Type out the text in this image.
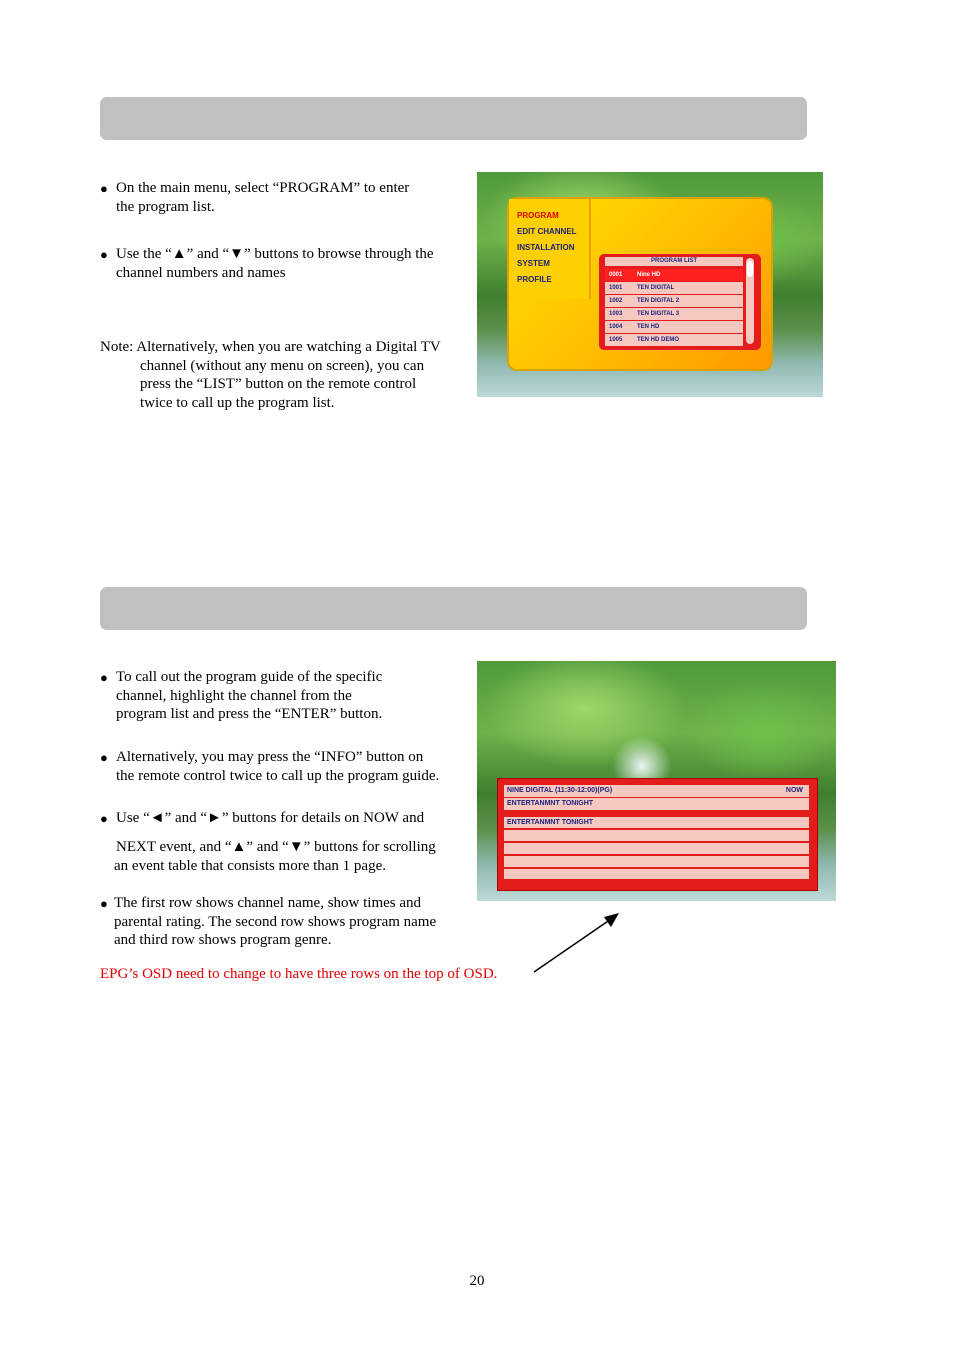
● On the main menu, select “PROGRAM” to enter
the program list.
● Use the “▲” and “▼” buttons to browse through the
channel numbers and names
Note: Alternatively, when you are watching a Digital TV
channel (without any menu on screen), you can
press the “LIST” button on the remote control
twice to call up the program list.
PROGRAM
EDIT CHANNEL
INSTALLATION
SYSTEM
PROFILE
PROGRAM LIST
0001	Nine HD
1001	TEN DIGITAL
1002	TEN DIGITAL 2
1003	TEN DIGITAL 3
1004	TEN HD
1005	TEN HD DEMO
● To call out the program guide of the specific
channel, highlight the channel from the
program list and press the “ENTER” button.
● Alternatively, you may press the “INFO” button on
the remote control twice to call up the program guide.
● Use “◄” and “►” buttons for details on NOW and
NEXT event, and “▲” and “▼” buttons for scrolling
an event table that consists more than 1 page.
● The first row shows channel name, show times and
parental rating. The second row shows program name
and third row shows program genre.
EPG’s OSD need to change to have three rows on the top of OSD.
NINE DIGITAL (11:30-12:00)(PG)	NOW
ENTERTANMNT TONIGHT
ENTERTANMNT TONIGHT
20
